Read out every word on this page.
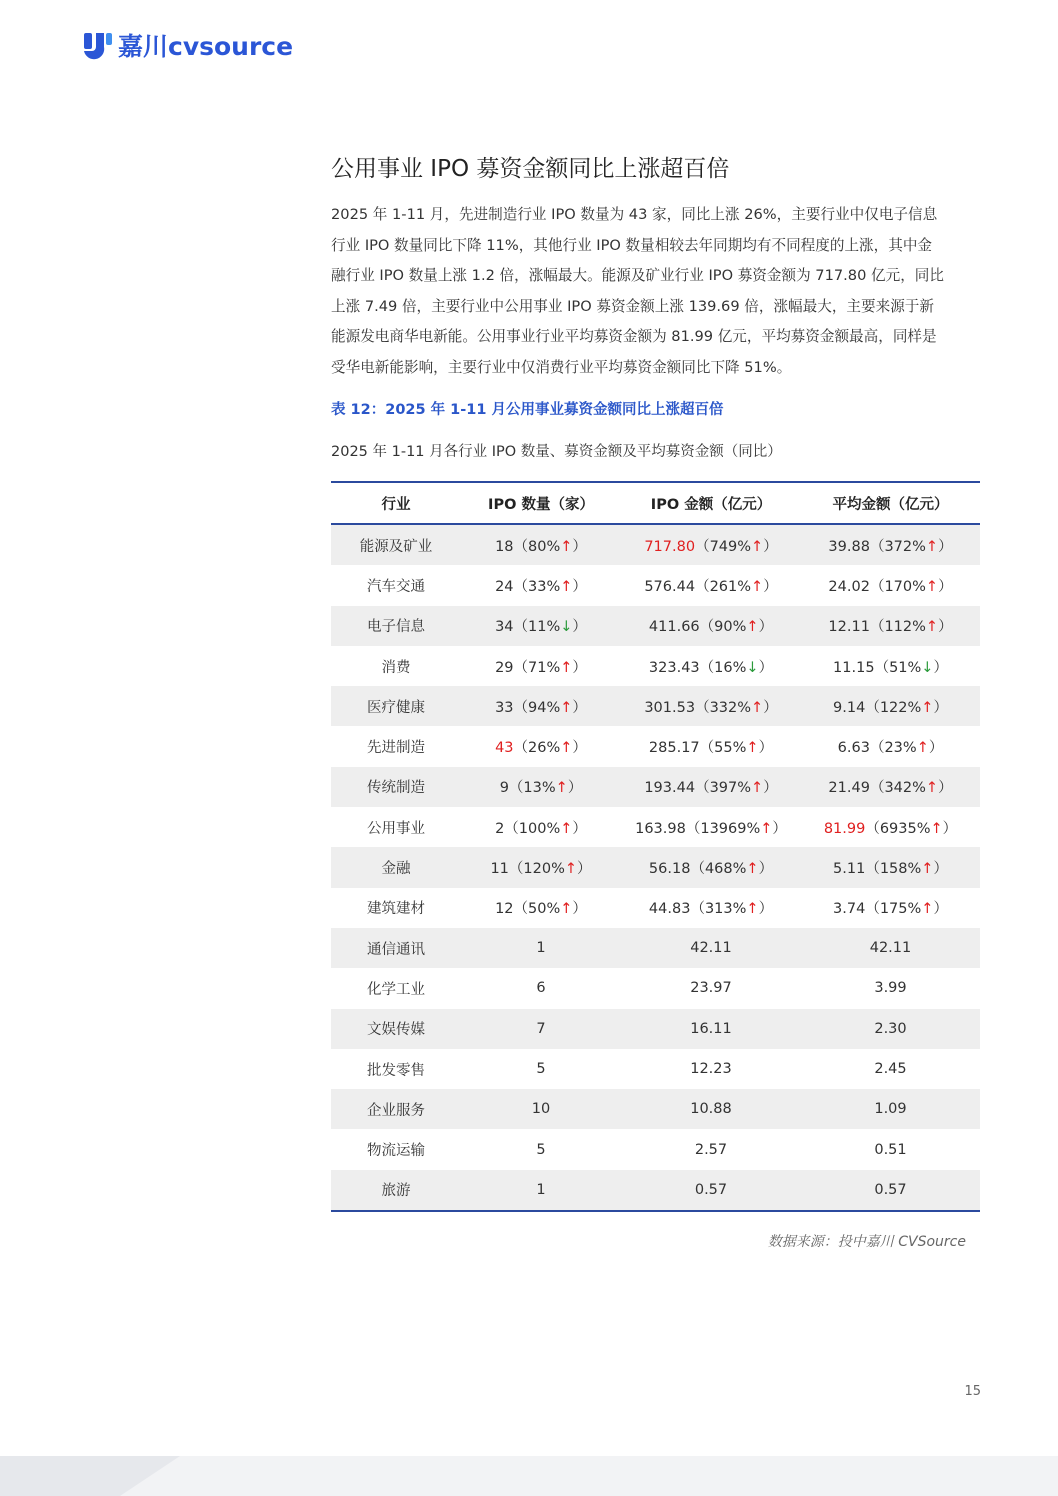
嘉川cvsource
公用事业 IPO 募资金额同比上涨超百倍
2025 年 1-11 月，先进制造行业 IPO 数量为 43 家，同比上涨 26%，主要行业中仅电子信息
行业 IPO 数量同比下降 11%，其他行业 IPO 数量相较去年同期均有不同程度的上涨，其中金
融行业 IPO 数量上涨 1.2 倍，涨幅最大。能源及矿业行业 IPO 募资金额为 717.80 亿元，同比
上涨 7.49 倍，主要行业中公用事业 IPO 募资金额上涨 139.69 倍，涨幅最大，主要来源于新
能源发电商华电新能。公用事业行业平均募资金额为 81.99 亿元，平均募资金额最高，同样是
受华电新能影响，主要行业中仅消费行业平均募资金额同比下降 51%。
表 12：2025 年 1-11 月公用事业募资金额同比上涨超百倍
2025 年 1-11 月各行业 IPO 数量、募资金额及平均募资金额（同比）
行业	IPO 数量（家）	IPO 金额（亿元）	平均金额（亿元）
能源及矿业	18（80%↑）	717.80（749%↑）	39.88（372%↑）
汽车交通	24（33%↑）	576.44（261%↑）	24.02（170%↑）
电子信息	34（11%↓）	411.66（90%↑）	12.11（112%↑）
消费	29（71%↑）	323.43（16%↓）	11.15（51%↓）
医疗健康	33（94%↑）	301.53（332%↑）	9.14（122%↑）
先进制造	43（26%↑）	285.17（55%↑）	6.63（23%↑）
传统制造	9（13%↑）	193.44（397%↑）	21.49（342%↑）
公用事业	2（100%↑）	163.98（13969%↑）	81.99（6935%↑）
金融	11（120%↑）	56.18（468%↑）	5.11（158%↑）
建筑建材	12（50%↑）	44.83（313%↑）	3.74（175%↑）
通信通讯	1	42.11	42.11
化学工业	6	23.97	3.99
文娱传媒	7	16.11	2.30
批发零售	5	12.23	2.45
企业服务	10	10.88	1.09
物流运输	5	2.57	0.51
旅游	1	0.57	0.57
数据来源：投中嘉川 CVSource
15
